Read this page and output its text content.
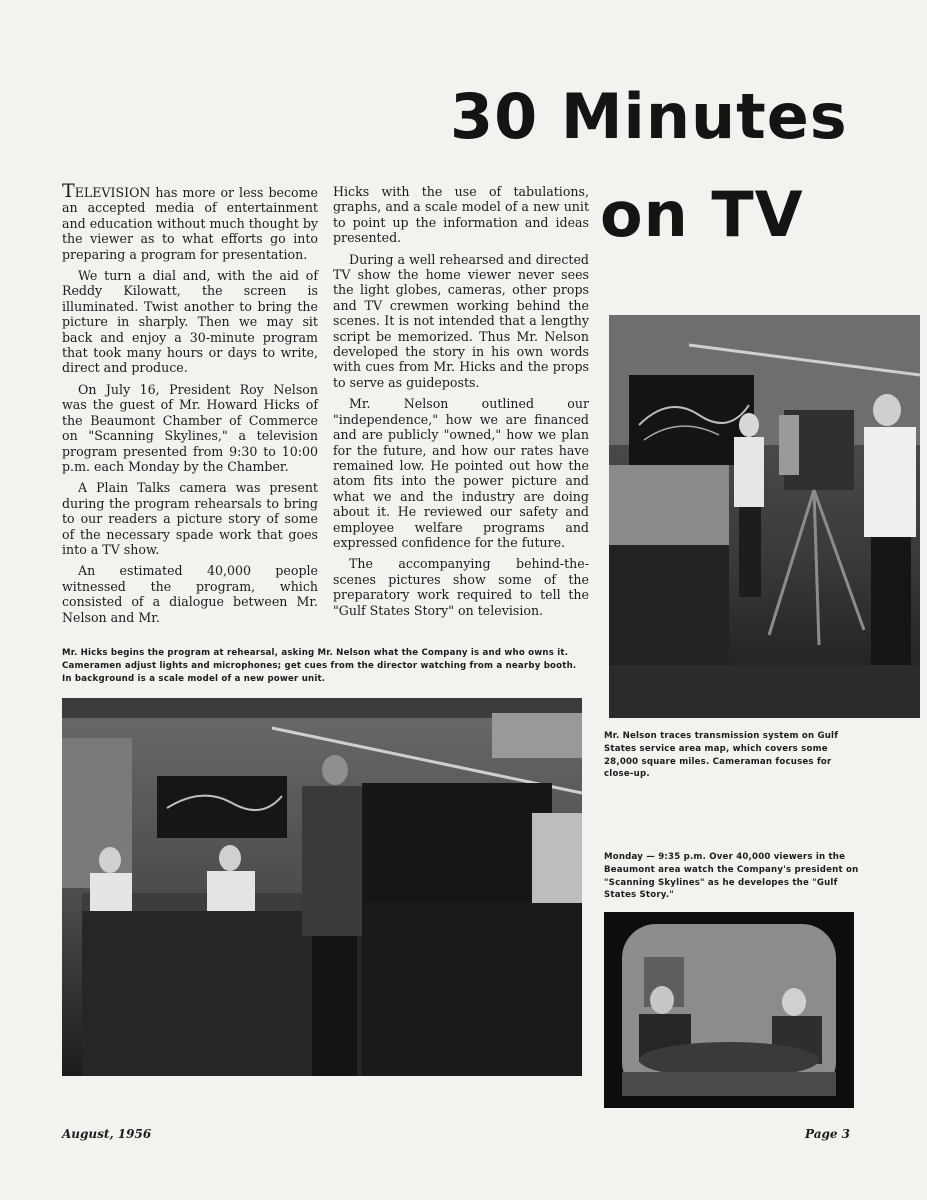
30 Minutes
on TV

TELEVISION has more or less become an accepted media of entertainment and education without much thought by the viewer as to what efforts go into preparing a program for presentation.

We turn a dial and, with the aid of Reddy Kilowatt, the screen is illuminated. Twist another to bring the picture in sharply. Then we may sit back and enjoy a 30-minute program that took many hours or days to write, direct and produce.

On July 16, President Roy Nelson was the guest of Mr. Howard Hicks of the Beaumont Chamber of Commerce on "Scanning Skylines," a television program presented from 9:30 to 10:00 p.m. each Monday by the Chamber.

A Plain Talks camera was present during the program rehearsals to bring to our readers a picture story of some of the necessary spade work that goes into a TV show.

An estimated 40,000 people witnessed the program, which consisted of a dialogue between Mr. Nelson and Mr.

Hicks with the use of tabulations, graphs, and a scale model of a new unit to point up the information and ideas presented.

During a well rehearsed and directed TV show the home viewer never sees the light globes, cameras, other props and TV crewmen working behind the scenes. It is not intended that a lengthy script be memorized. Thus Mr. Nelson developed the story in his own words with cues from Mr. Hicks and the props to serve as guideposts.

Mr. Nelson outlined our "independence," how we are financed and are publicly "owned," how we plan for the future, and how our rates have remained low. He pointed out how the atom fits into the power picture and what we and the industry are doing about it. He reviewed our safety and employee welfare programs and expressed confidence for the future.

The accompanying behind-the-scenes pictures show some of the preparatory work required to tell the "Gulf States Story" on television.

Mr. Hicks begins the program at rehearsal, asking Mr. Nelson what the Company is and who owns it. Cameramen adjust lights and microphones; get cues from the director watching from a nearby booth. In background is a scale model of a new power unit.
Mr. Nelson traces transmission system on Gulf States service area map, which covers some 28,000 square miles. Cameraman focuses for close-up.
Monday — 9:35 p.m. Over 40,000 viewers in the Beaumont area watch the Company's president on "Scanning Skylines" as he developes the "Gulf States Story."
August, 1956	Page 3
